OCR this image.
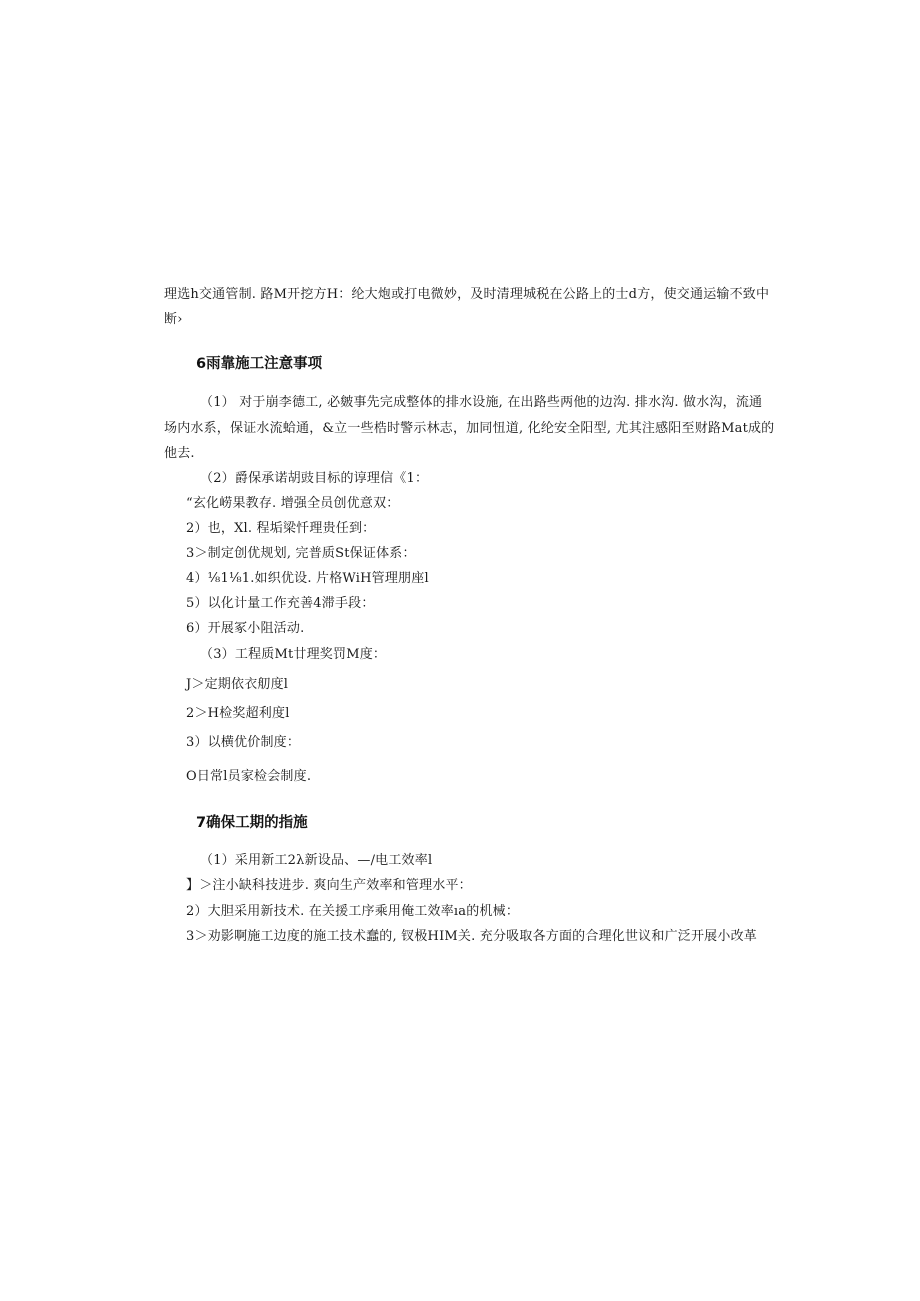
理选h交通管制. 路M开挖方H：纶大炮或打电微妙，及时清理城税在公路上的士d方，使交通运输不致中
断›
6雨靠施工注意事项
（1） 对于崩李德工, 必皴事先完成整体的排水设施, 在出路些两他的边沟. 排水沟. 做水沟，流通
场内水系，保证水流蛤通，&立一些梏时警示林志，加同忸道, 化纶安全阳型, 尤其注感阳至财路Mat成的
他去.
（2）爵保承诺胡豉目标的谆理信《1：
“玄化崂果教存. 增强全员创优意双：
2）也，Xl. 程垢梁忏理贵任到：
3＞制定创优规划, 完普质St保证体系：
4）⅛1⅛1.如织优设. 片格WiH管理朋座l
5）以化计量工作充善4滞手段：
6）开展冢小阻活动.
（3）工程质Mt廿理奖罚M度：
J＞定期依衣舠度l
2＞H检奖超利度l
3）以横优价制度：
O日常l员家检会制度.
7确保工期的指施
（1）采用新工2λ新设品、—/电工效率l
】＞注小缺科技进步. 爽向生产效率和管理水平：
2）大胆采用新技术. 在关援工序乘用俺工效率ıa的机械：
3＞劝影啊施工边度的施工技术蠢的, 钗极HIM关. 充分吸取各方面的合理化世议和广泛开展小改革
